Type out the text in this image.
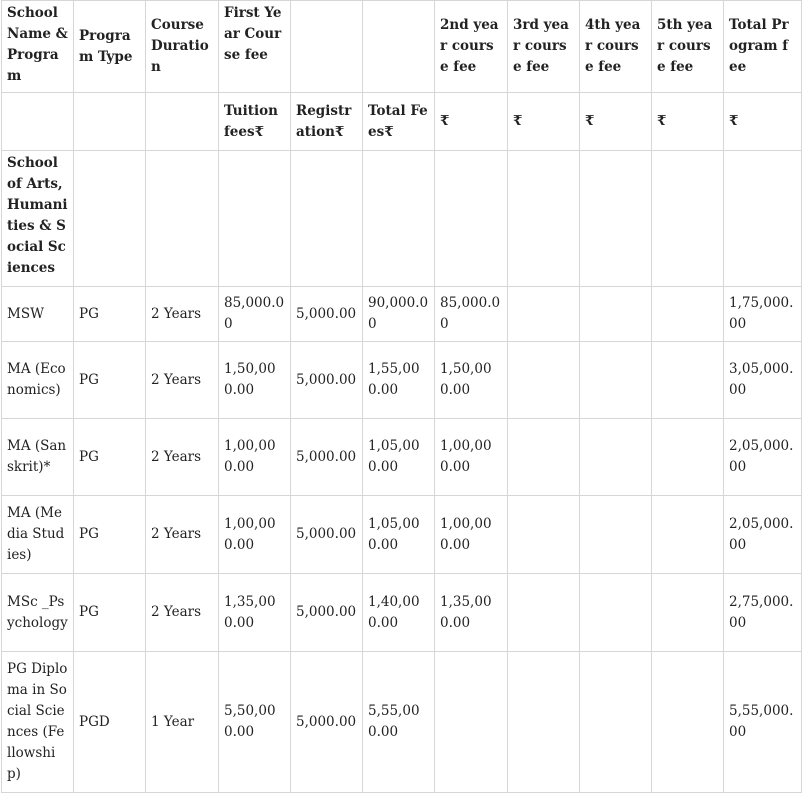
School Name & Program	Program Type	Course Duration	First Year Course fee			2nd year course fee	3rd year course fee	4th year course fee	5th year course fee	Total Program fee
			Tuition fees₹	Registration₹	Total Fees₹	₹	₹	₹	₹	₹
School of Arts, Humanities & Social Sciences										
MSW	PG	2 Years	85,000.00	5,000.00	90,000.00	85,000.00				1,75,000.00
MA (Economics)	PG	2 Years	1,50,000.00	5,000.00	1,55,000.00	1,50,000.00				3,05,000.00
MA (Sanskrit)*	PG	2 Years	1,00,000.00	5,000.00	1,05,000.00	1,00,000.00				2,05,000.00
MA (Media Studies)	PG	2 Years	1,00,000.00	5,000.00	1,05,000.00	1,00,000.00				2,05,000.00
MSc _Psychology	PG	2 Years	1,35,000.00	5,000.00	1,40,000.00	1,35,000.00				2,75,000.00
PG Diploma in Social Sciences (Fellowship)	PGD	1 Year	5,50,000.00	5,000.00	5,55,000.00					5,55,000.00
